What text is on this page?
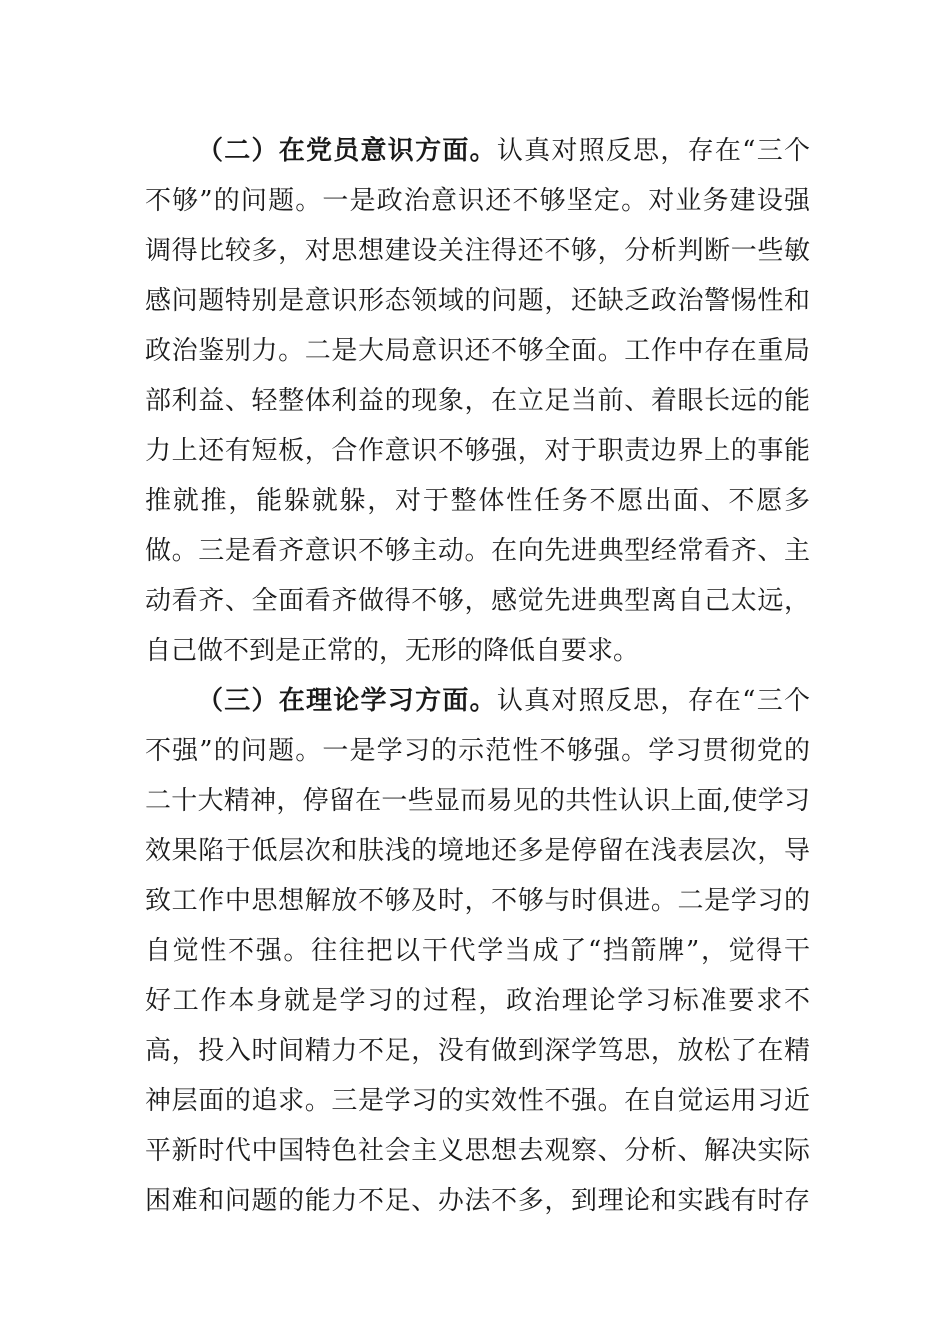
（二）在党员意识方面。认真对照反思，存在“三个
不够”的问题。一是政治意识还不够坚定。对业务建设强
调得比较多，对思想建设关注得还不够，分析判断一些敏
感问题特别是意识形态领域的问题，还缺乏政治警惕性和
政治鉴别力。二是大局意识还不够全面。工作中存在重局
部利益、轻整体利益的现象，在立足当前、着眼长远的能
力上还有短板，合作意识不够强，对于职责边界上的事能
推就推，能躲就躲，对于整体性任务不愿出面、不愿多
做。三是看齐意识不够主动。在向先进典型经常看齐、主
动看齐、全面看齐做得不够，感觉先进典型离自己太远，
自己做不到是正常的，无形的降低自要求。
（三）在理论学习方面。认真对照反思，存在“三个
不强”的问题。一是学习的示范性不够强。学习贯彻党的
二十大精神，停留在一些显而易见的共性认识上面,使学习
效果陷于低层次和肤浅的境地还多是停留在浅表层次，导
致工作中思想解放不够及时，不够与时俱进。二是学习的
自觉性不强。往往把以干代学当成了“挡箭牌”，觉得干
好工作本身就是学习的过程，政治理论学习标准要求不
高，投入时间精力不足，没有做到深学笃思，放松了在精
神层面的追求。三是学习的实效性不强。在自觉运用习近
平新时代中国特色社会主义思想去观察、分析、解决实际
困难和问题的能力不足、办法不多，到理论和实践有时存
